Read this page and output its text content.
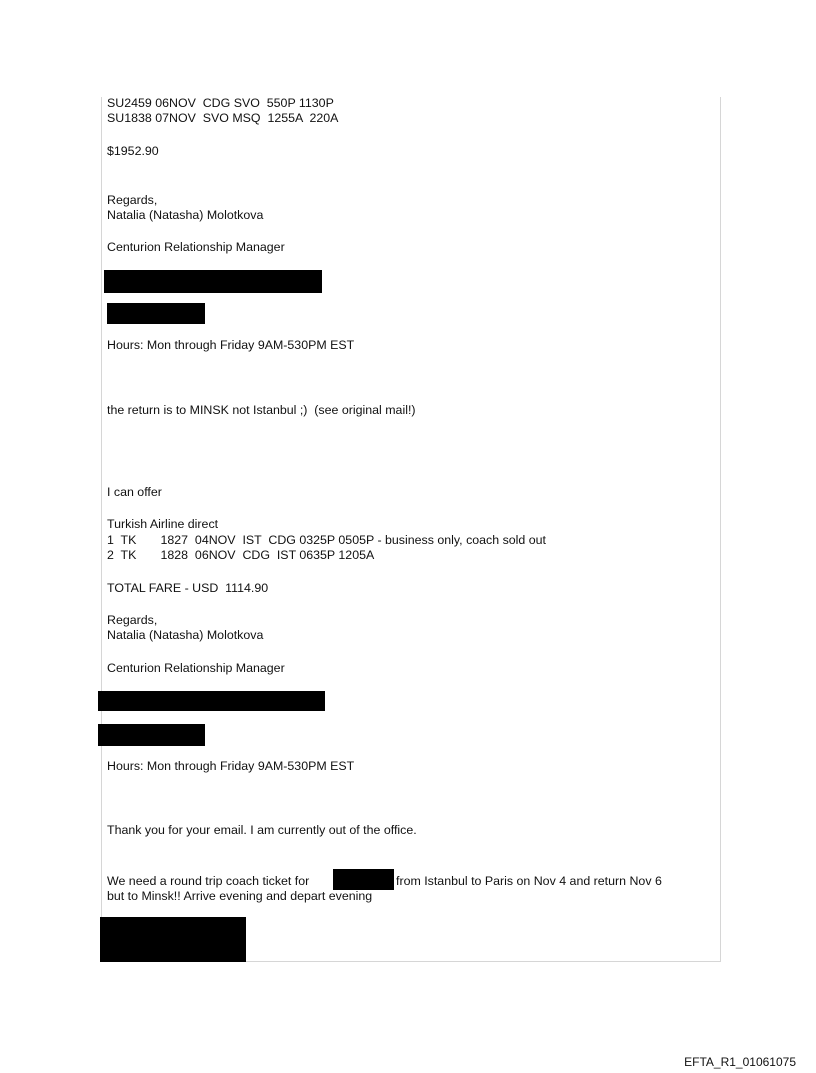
SU2459 06NOV  CDG SVO  550P 1130P
SU1838 07NOV  SVO MSQ  1255A  220A
$1952.90
Regards,
Natalia (Natasha) Molotkova
Centurion Relationship Manager
Hours: Mon through Friday 9AM-530PM EST
the return is to MINSK not Istanbul ;)  (see original mail!)
I can offer
Turkish Airline direct
1  TK       1827  04NOV  IST  CDG 0325P 0505P - business only, coach sold out
2  TK       1828  06NOV  CDG  IST 0635P 1205A
TOTAL FARE - USD  1114.90
Regards,
Natalia (Natasha) Molotkova
Centurion Relationship Manager
Hours: Mon through Friday 9AM-530PM EST
Thank you for your email. I am currently out of the office.
We need a round trip coach ticket for	from Istanbul to Paris on Nov 4 and return Nov 6
but to Minsk!! Arrive evening and depart evening
EFTA_R1_01061075
